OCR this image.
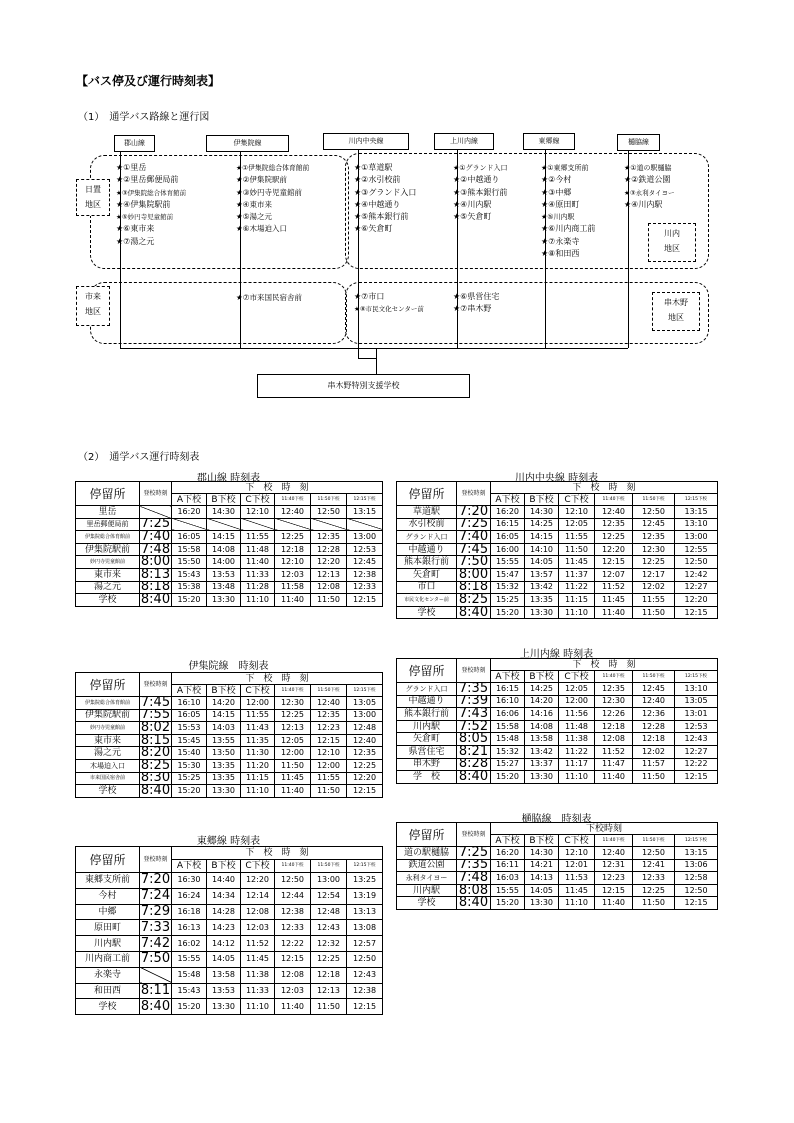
【バス停及び運行時刻表】
（1）　通学バス路線と運行図
郡山線	伊集院線	川内中央線	上川内線	東郷線	樋脇線
日置地区
川内地区
市来地区
串木野地区
★①里岳
★②里岳郵便局前
★③伊集院総合体育館前
★④伊集院駅前
★⑤妙円寺児童館前
★⑥東市来
★⑦湯之元
★①伊集院総合体育館前
★②伊集院駅前
★③妙円寺児童館前
★④東市来
★⑤湯之元
★⑥木場迫入口
★⑦市来国民宿舎前
★①草道駅
★②水引校前
★③グランド入口
★④中越通り
★⑤熊本銀行前
★⑥矢倉町
★⑦市口
★⑧市民文化センター前
★①グランド入口
★②中越通り
★③熊本銀行前
★④川内駅
★⑤矢倉町
★⑥県営住宅
★⑦串木野
★①東郷支所前
★②今村
★③中郷
★④原田町
★⑤川内駅
★⑥川内商工前
★⑦永楽寺
★⑧和田西
★①道の駅樋脇
★②鉄道公園
★③永利タイヨー
★④川内駅
串木野特別支援学校
（2）　通学バス運行時刻表
郡山線 時刻表
停留所	登校時刻	下　校　時　刻					
		A下校	B下校	C下校	11:40下校	11:50下校	12:15下校
里岳		16:20	14:30	12:10	12:40	12:50	13:15
里岳郵便局前	7:25						
伊集院総合体育館前	7:40	16:05	14:15	11:55	12:25	12:35	13:00
伊集院駅前	7:48	15:58	14:08	11:48	12:18	12:28	12:53
妙円寺児童館前	8:00	15:50	14:00	11:40	12:10	12:20	12:45
東市来	8:13	15:43	13:53	11:33	12:03	12:13	12:38
湯之元	8:18	15:38	13:48	11:28	11:58	12:08	12:33
学校	8:40	15:20	13:30	11:10	11:40	11:50	12:15
川内中央線 時刻表
停留所	登校時刻	下　校　時　刻					
		A下校	B下校	C下校	11:40下校	11:50下校	12:15下校
草道駅	7:20	16:20	14:30	12:10	12:40	12:50	13:15
水引校前	7:25	16:15	14:25	12:05	12:35	12:45	13:10
グランド入口	7:40	16:05	14:15	11:55	12:25	12:35	13:00
中越通り	7:45	16:00	14:10	11:50	12:20	12:30	12:55
熊本銀行前	7:50	15:55	14:05	11:45	12:15	12:25	12:50
矢倉町	8:00	15:47	13:57	11:37	12:07	12:17	12:42
市口	8:18	15:32	13:42	11:22	11:52	12:02	12:27
市民文化センター前	8:25	15:25	13:35	11:15	11:45	11:55	12:20
学校	8:40	15:20	13:30	11:10	11:40	11:50	12:15
伊集院線　時刻表
停留所	登校時刻	下　校　時　刻					
		A下校	B下校	C下校	11:40下校	11:50下校	12:15下校
伊集院総合体育館前	7:45	16:10	14:20	12:00	12:30	12:40	13:05
伊集院駅前	7:55	16:05	14:15	11:55	12:25	12:35	13:00
妙円寺児童館前	8:02	15:53	14:03	11:43	12:13	12:23	12:48
東市来	8:15	15:45	13:55	11:35	12:05	12:15	12:40
湯之元	8:20	15:40	13:50	11:30	12:00	12:10	12:35
木場迫入口	8:25	15:30	13:35	11:20	11:50	12:00	12:25
市来国民宿舎前	8:30	15:25	13:35	11:15	11:45	11:55	12:20
学校	8:40	15:20	13:30	11:10	11:40	11:50	12:15
上川内線 時刻表
停留所	登校時刻	下　校　時　刻					
		A下校	B下校	C下校	11:40下校	11:50下校	12:15下校
グランド入口	7:35	16:15	14:25	12:05	12:35	12:45	13:10
中越通り	7:39	16:10	14:20	12:00	12:30	12:40	13:05
熊本銀行前	7:43	16:06	14:16	11:56	12:26	12:36	13:01
川内駅	7:52	15:58	14:08	11:48	12:18	12:28	12:53
矢倉町	8:05	15:48	13:58	11:38	12:08	12:18	12:43
県営住宅	8:21	15:32	13:42	11:22	11:52	12:02	12:27
串木野	8:28	15:27	13:37	11:17	11:47	11:57	12:22
学　校	8:40	15:20	13:30	11:10	11:40	11:50	12:15
東郷線 時刻表
停留所	登校時刻	下　校　時　刻					
		A下校	B下校	C下校	11:40下校	11:50下校	12:15下校
東郷支所前	7:20	16:30	14:40	12:20	12:50	13:00	13:25
今村	7:24	16:24	14:34	12:14	12:44	12:54	13:19
中郷	7:29	16:18	14:28	12:08	12:38	12:48	13:13
原田町	7:33	16:13	14:23	12:03	12:33	12:43	13:08
川内駅	7:42	16:02	14:12	11:52	12:22	12:32	12:57
川内商工前	7:50	15:55	14:05	11:45	12:15	12:25	12:50
永楽寺		15:48	13:58	11:38	12:08	12:18	12:43
和田西	8:11	15:43	13:53	11:33	12:03	12:13	12:38
学校	8:40	15:20	13:30	11:10	11:40	11:50	12:15
樋脇線　時刻表
停留所	登校時刻	下校時刻					
		A下校	B下校	C下校	11:40下校	11:50下校	12:15下校
道の駅樋脇	7:25	16:20	14:30	12:10	12:40	12:50	13:15
鉄道公園	7:35	16:11	14:21	12:01	12:31	12:41	13:06
永利タイヨー	7:48	16:03	14:13	11:53	12:23	12:33	12:58
川内駅	8:08	15:55	14:05	11:45	12:15	12:25	12:50
学校	8:40	15:20	13:30	11:10	11:40	11:50	12:15
